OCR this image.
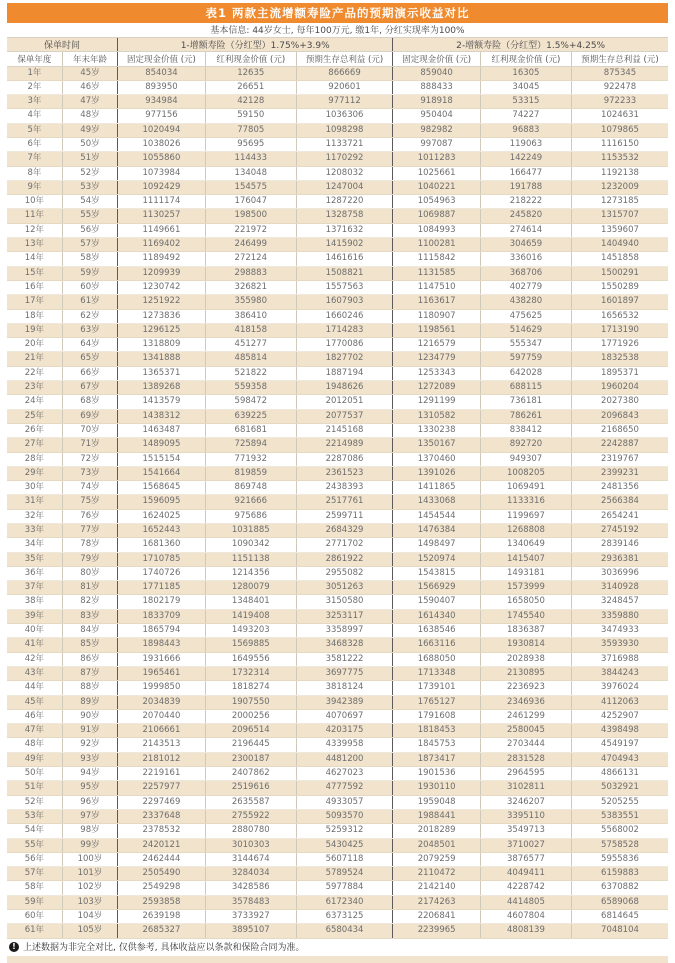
表1 两款主流增额寿险产品的预期演示收益对比
基本信息: 44岁女士, 每年100万元, 缴1年, 分红实现率为100%							
保单时间		1-增额寿险（分红型）1.75%+3.9%			2-增额寿险（分红型）1.5%+4.25%		
保单年度	年末年龄	固定现金价值 (元)	红利现金价值 (元)	预期生存总利益 (元)	固定现金价值 (元)	红利现金价值 (元)	预期生存总利益 (元)
1年	45岁	854034	12635	866669	859040	16305	875345
2年	46岁	893950	26651	920601	888433	34045	922478
3年	47岁	934984	42128	977112	918918	53315	972233
4年	48岁	977156	59150	1036306	950404	74227	1024631
5年	49岁	1020494	77805	1098298	982982	96883	1079865
6年	50岁	1038026	95695	1133721	997087	119063	1116150
7年	51岁	1055860	114433	1170292	1011283	142249	1153532
8年	52岁	1073984	134048	1208032	1025661	166477	1192138
9年	53岁	1092429	154575	1247004	1040221	191788	1232009
10年	54岁	1111174	176047	1287220	1054963	218222	1273185
11年	55岁	1130257	198500	1328758	1069887	245820	1315707
12年	56岁	1149661	221972	1371632	1084993	274614	1359607
13年	57岁	1169402	246499	1415902	1100281	304659	1404940
14年	58岁	1189492	272124	1461616	1115842	336016	1451858
15年	59岁	1209939	298883	1508821	1131585	368706	1500291
16年	60岁	1230742	326821	1557563	1147510	402779	1550289
17年	61岁	1251922	355980	1607903	1163617	438280	1601897
18年	62岁	1273836	386410	1660246	1180907	475625	1656532
19年	63岁	1296125	418158	1714283	1198561	514629	1713190
20年	64岁	1318809	451277	1770086	1216579	555347	1771926
21年	65岁	1341888	485814	1827702	1234779	597759	1832538
22年	66岁	1365371	521822	1887194	1253343	642028	1895371
23年	67岁	1389268	559358	1948626	1272089	688115	1960204
24年	68岁	1413579	598472	2012051	1291199	736181	2027380
25年	69岁	1438312	639225	2077537	1310582	786261	2096843
26年	70岁	1463487	681681	2145168	1330238	838412	2168650
27年	71岁	1489095	725894	2214989	1350167	892720	2242887
28年	72岁	1515154	771932	2287086	1370460	949307	2319767
29年	73岁	1541664	819859	2361523	1391026	1008205	2399231
30年	74岁	1568645	869748	2438393	1411865	1069491	2481356
31年	75岁	1596095	921666	2517761	1433068	1133316	2566384
32年	76岁	1624025	975686	2599711	1454544	1199697	2654241
33年	77岁	1652443	1031885	2684329	1476384	1268808	2745192
34年	78岁	1681360	1090342	2771702	1498497	1340649	2839146
35年	79岁	1710785	1151138	2861922	1520974	1415407	2936381
36年	80岁	1740726	1214356	2955082	1543815	1493181	3036996
37年	81岁	1771185	1280079	3051263	1566929	1573999	3140928
38年	82岁	1802179	1348401	3150580	1590407	1658050	3248457
39年	83岁	1833709	1419408	3253117	1614340	1745540	3359880
40年	84岁	1865794	1493203	3358997	1638546	1836387	3474933
41年	85岁	1898443	1569885	3468328	1663116	1930814	3593930
42年	86岁	1931666	1649556	3581222	1688050	2028938	3716988
43年	87岁	1965461	1732314	3697775	1713348	2130895	3844243
44年	88岁	1999850	1818274	3818124	1739101	2236923	3976024
45年	89岁	2034839	1907550	3942389	1765127	2346936	4112063
46年	90岁	2070440	2000256	4070697	1791608	2461299	4252907
47年	91岁	2106661	2096514	4203175	1818453	2580045	4398498
48年	92岁	2143513	2196445	4339958	1845753	2703444	4549197
49年	93岁	2181012	2300187	4481200	1873417	2831528	4704943
50年	94岁	2219161	2407862	4627023	1901536	2964595	4866131
51年	95岁	2257977	2519616	4777592	1930110	3102811	5032921
52年	96岁	2297469	2635587	4933057	1959048	3246207	5205255
53年	97岁	2337648	2755922	5093570	1988441	3395110	5383551
54年	98岁	2378532	2880780	5259312	2018289	3549713	5568002
55年	99岁	2420121	3010303	5430425	2048501	3710027	5758528
56年	100岁	2462444	3144674	5607118	2079259	3876577	5955836
57年	101岁	2505490	3284034	5789524	2110472	4049411	6159883
58年	102岁	2549298	3428586	5977884	2142140	4228742	6370882
59年	103岁	2593858	3578483	6172340	2174263	4414805	6589068
60年	104岁	2639198	3733927	6373125	2206841	4607804	6814645
61年	105岁	2685327	3895107	6580434	2239965	4808139	7048104
! 上述数据为非完全对比, 仅供参考, 具体收益应以条款和保险合同为准。
